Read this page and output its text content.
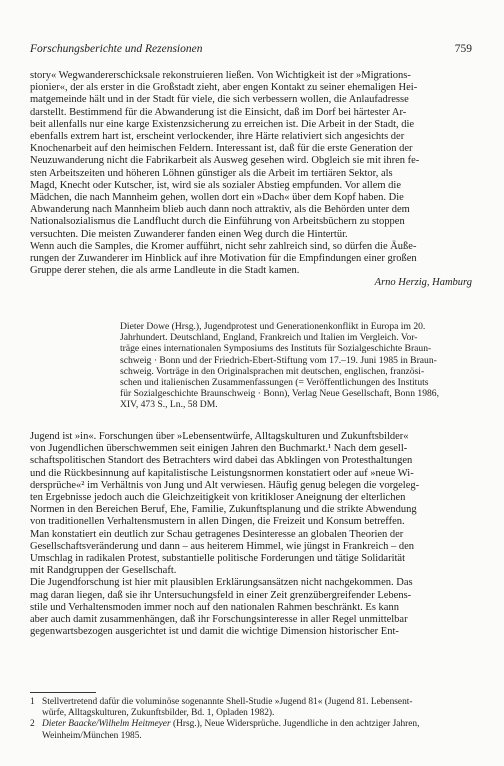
Forschungsberichte und Rezensionen	759
story« Wegwandererschicksale rekonstruieren ließen. Von Wichtigkeit ist der »Migrations-
pionier«, der als erster in die Großstadt zieht, aber engen Kontakt zu seiner ehemaligen Hei-
matgemeinde hält und in der Stadt für viele, die sich verbessern wollen, die Anlaufadresse
darstellt. Bestimmend für die Abwanderung ist die Einsicht, daß im Dorf bei härtester Ar-
beit allenfalls nur eine karge Existenzsicherung zu erreichen ist. Die Arbeit in der Stadt, die
ebenfalls extrem hart ist, erscheint verlockender, ihre Härte relativiert sich angesichts der
Knochenarbeit auf den heimischen Feldern. Interessant ist, daß für die erste Generation der
Neuzuwanderung nicht die Fabrikarbeit als Ausweg gesehen wird. Obgleich sie mit ihren fe-
sten Arbeitszeiten und höheren Löhnen günstiger als die Arbeit im tertiären Sektor, als
Magd, Knecht oder Kutscher, ist, wird sie als sozialer Abstieg empfunden. Vor allem die
Mädchen, die nach Mannheim gehen, wollen dort ein »Dach« über dem Kopf haben. Die
Abwanderung nach Mannheim blieb auch dann noch attraktiv, als die Behörden unter dem
Nationalsozialismus die Landflucht durch die Einführung von Arbeitsbüchern zu stoppen
versuchten. Die meisten Zuwanderer fanden einen Weg durch die Hintertür.
Wenn auch die Samples, die Kromer aufführt, nicht sehr zahlreich sind, so dürfen die Äuße-
rungen der Zuwanderer im Hinblick auf ihre Motivation für die Empfindungen einer großen
Gruppe derer stehen, die als arme Landleute in die Stadt kamen.
Arno Herzig, Hamburg
Dieter Dowe (Hrsg.), Jugendprotest und Generationenkonflikt in Europa im 20.
Jahrhundert. Deutschland, England, Frankreich und Italien im Vergleich. Vor-
träge eines internationalen Symposiums des Instituts für Sozialgeschichte Braun-
schweig · Bonn und der Friedrich-Ebert-Stiftung vom 17.–19. Juni 1985 in Braun-
schweig. Vorträge in den Originalsprachen mit deutschen, englischen, französi-
schen und italienischen Zusammenfassungen (= Veröffentlichungen des Instituts
für Sozialgeschichte Braunschweig · Bonn), Verlag Neue Gesellschaft, Bonn 1986,
XIV, 473 S., Ln., 58 DM.
Jugend ist »in«. Forschungen über »Lebensentwürfe, Alltagskulturen und Zukunftsbilder«
von Jugendlichen überschwemmen seit einigen Jahren den Buchmarkt.¹ Nach dem gesell-
schaftspolitischen Standort des Betrachters wird dabei das Abklingen von Protesthaltungen
und die Rückbesinnung auf kapitalistische Leistungsnormen konstatiert oder auf »neue Wi-
dersprüche«² im Verhältnis von Jung und Alt verwiesen. Häufig genug belegen die vorgeleg-
ten Ergebnisse jedoch auch die Gleichzeitigkeit von kritikloser Aneignung der elterlichen
Normen in den Bereichen Beruf, Ehe, Familie, Zukunftsplanung und die strikte Abwendung
von traditionellen Verhaltensmustern in allen Dingen, die Freizeit und Konsum betreffen.
Man konstatiert ein deutlich zur Schau getragenes Desinteresse an globalen Theorien der
Gesellschaftsveränderung und dann – aus heiterem Himmel, wie jüngst in Frankreich – den
Umschlag in radikalen Protest, substantielle politische Forderungen und tätige Solidarität
mit Randgruppen der Gesellschaft.
Die Jugendforschung ist hier mit plausiblen Erklärungsansätzen nicht nachgekommen. Das
mag daran liegen, daß sie ihr Untersuchungsfeld in einer Zeit grenzübergreifender Lebens-
stile und Verhaltensmoden immer noch auf den nationalen Rahmen beschränkt. Es kann
aber auch damit zusammenhängen, daß ihr Forschungsinteresse in aller Regel unmittelbar
gegenwartsbezogen ausgerichtet ist und damit die wichtige Dimension historischer Ent-
1 Stellvertretend dafür die voluminöse sogenannte Shell-Studie »Jugend 81« (Jugend 81. Lebensent-
würfe, Alltagskulturen, Zukunftsbilder, Bd. 1, Opladen 1982).
2 Dieter Baacke/Wilhelm Heitmeyer (Hrsg.), Neue Widersprüche. Jugendliche in den achtziger Jahren,
Weinheim/München 1985.
